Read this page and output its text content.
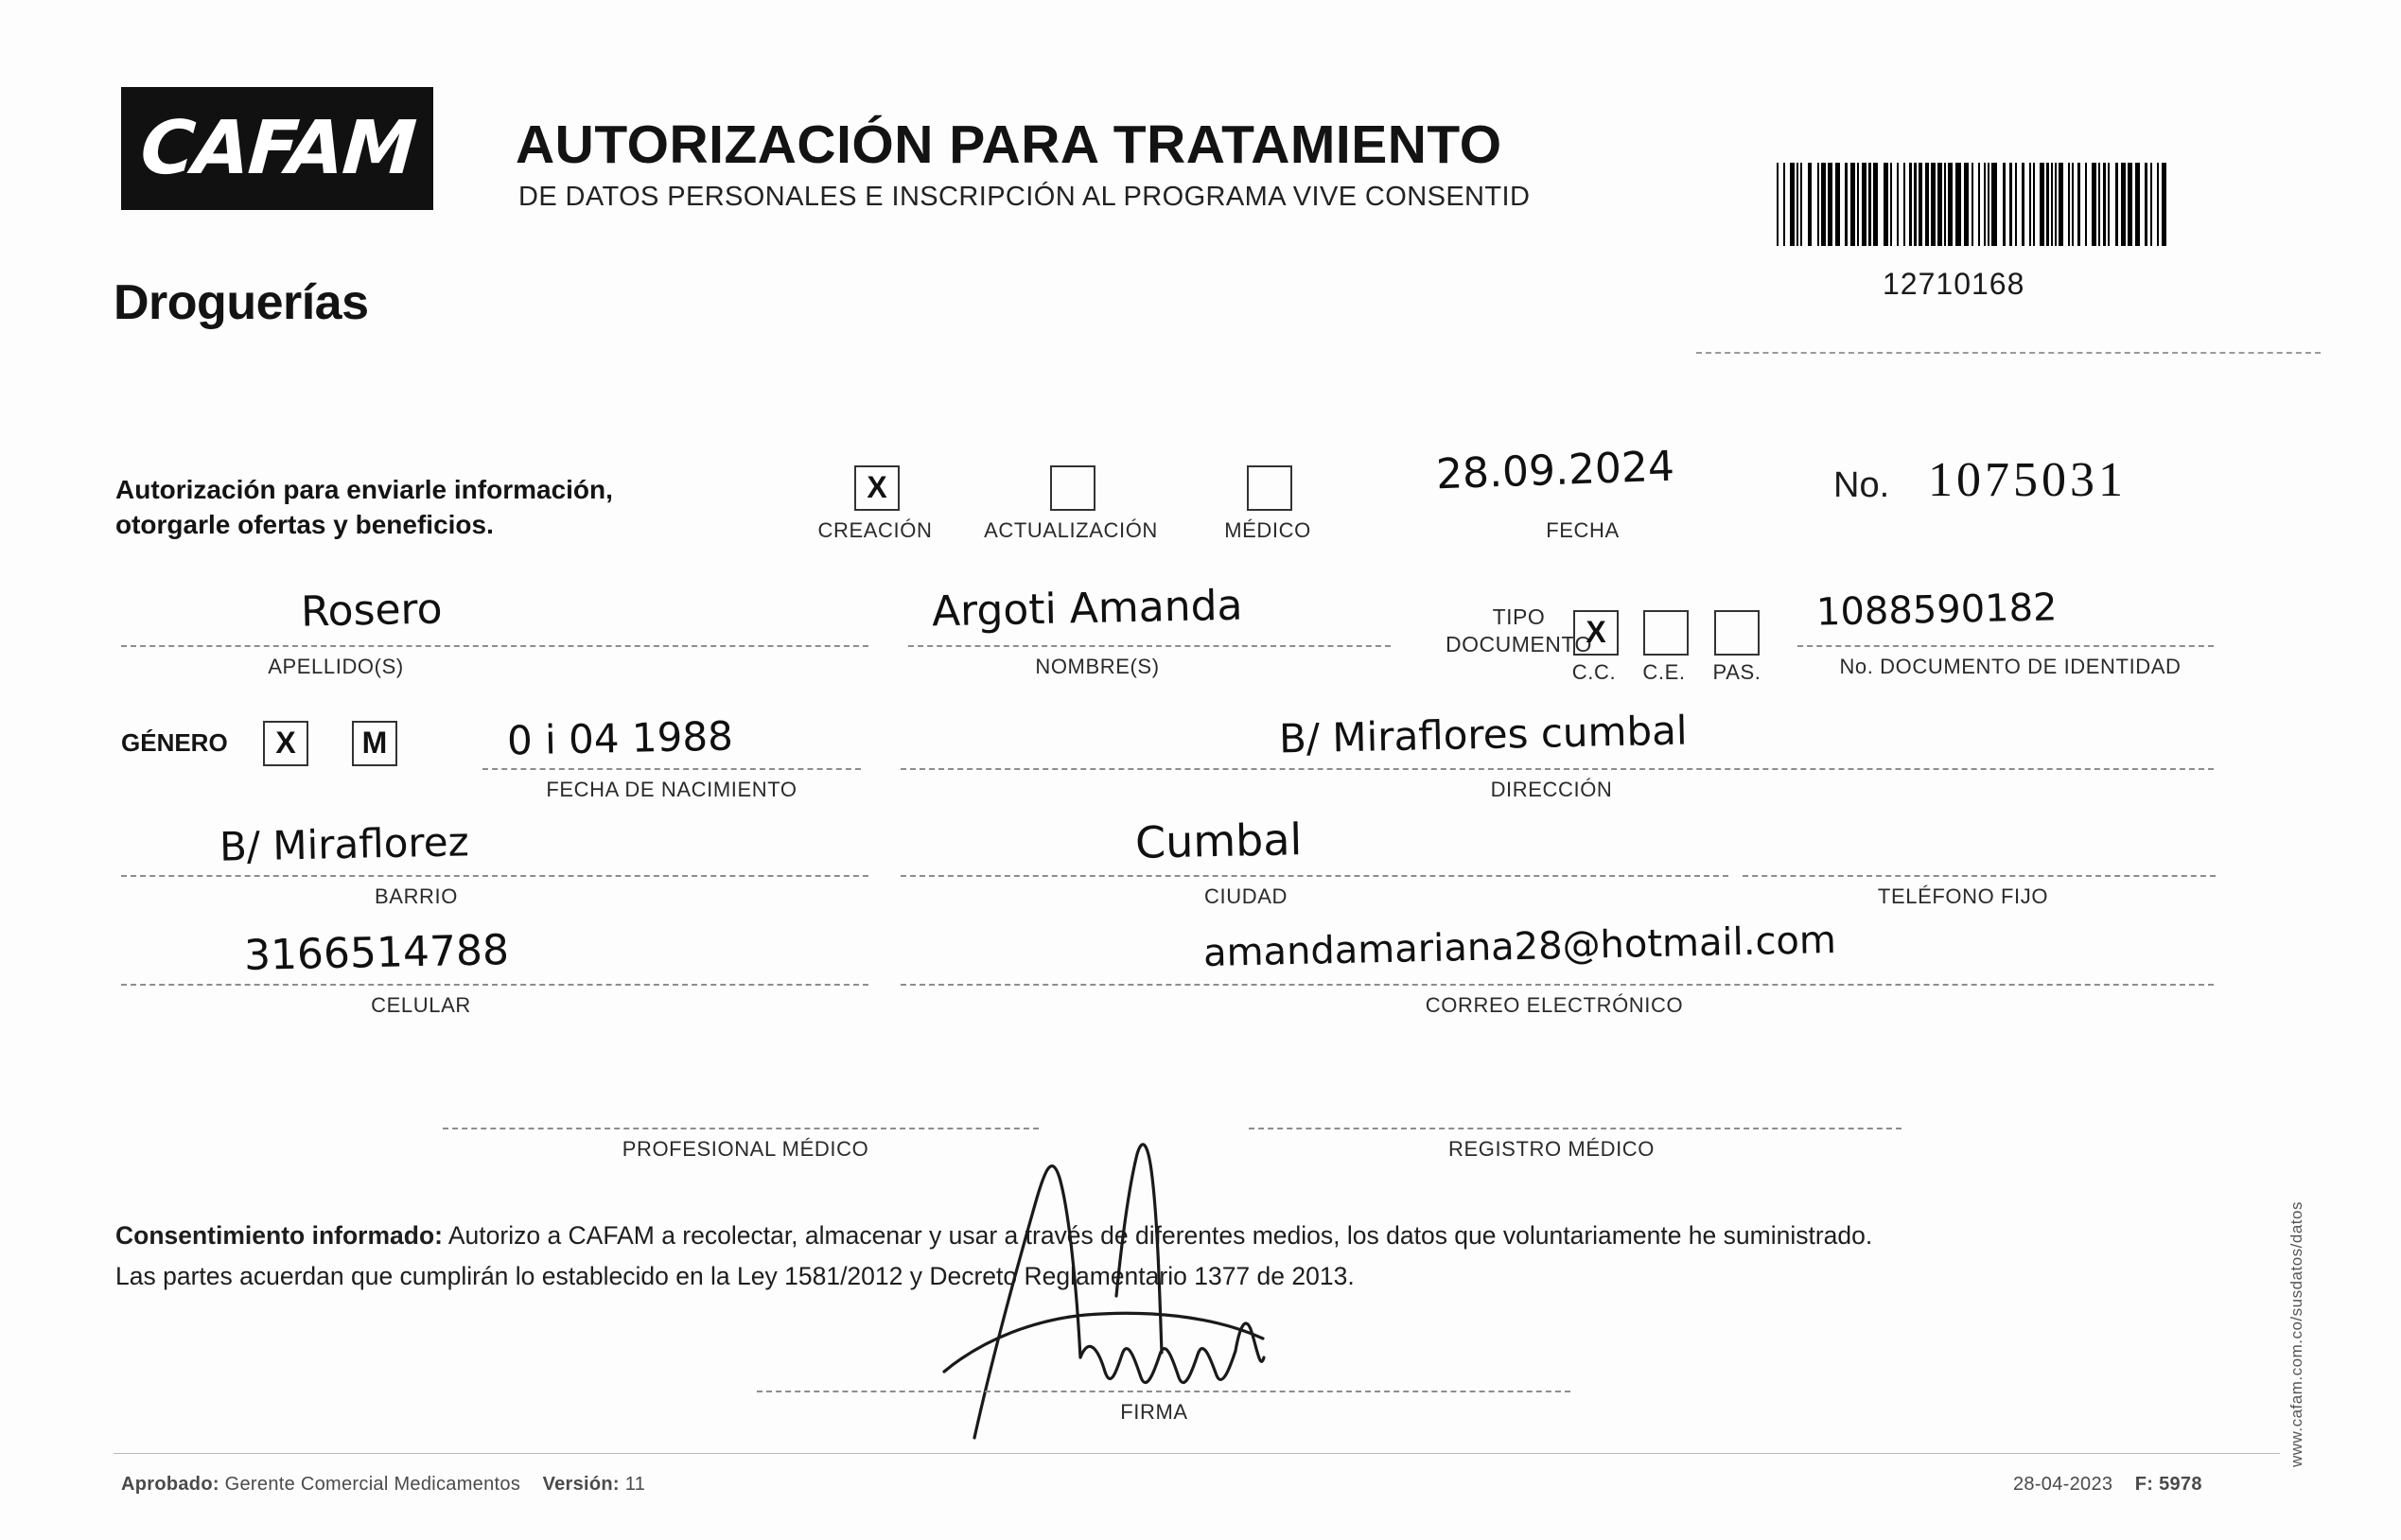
CAFAM
Droguerías
AUTORIZACIÓN PARA TRATAMIENTO
DE DATOS PERSONALES E INSCRIPCIÓN AL PROGRAMA VIVE CONSENTID
12710168
Autorización para enviarle información,
otorgarle ofertas y beneficios.
X
CREACIÓN	ACTUALIZACIÓN	MÉDICO
28.09.2024
FECHA
No. 1075031
Rosero
APELLIDO(S)
Argoti Amanda
NOMBRE(S)
TIPO
DOCUMENTO
X
C.C.	C.E.	PAS.
1088590182
No. DOCUMENTO DE IDENTIDAD
GÉNERO	X	M	0 i 04 1988
FECHA DE NACIMIENTO
B/ Miraflores cumbal
DIRECCIÓN
B/ Miraflorez
BARRIO
Cumbal
CIUDAD	TELÉFONO FIJO
3166514788
CELULAR
amandamariana28@hotmail.com
CORREO ELECTRÓNICO
PROFESIONAL MÉDICO	REGISTRO MÉDICO
Consentimiento informado: Autorizo a CAFAM a recolectar, almacenar y usar a través de diferentes medios, los datos que voluntariamente he suministrado.
Las partes acuerdan que cumplirán lo establecido en la Ley 1581/2012 y Decreto Reglamentario 1377 de 2013.
FIRMA	www.cafam.com.co/susdatos/datos
Aprobado: Gerente Comercial Medicamentos Versión: 11	28-04-2023 F: 5978
